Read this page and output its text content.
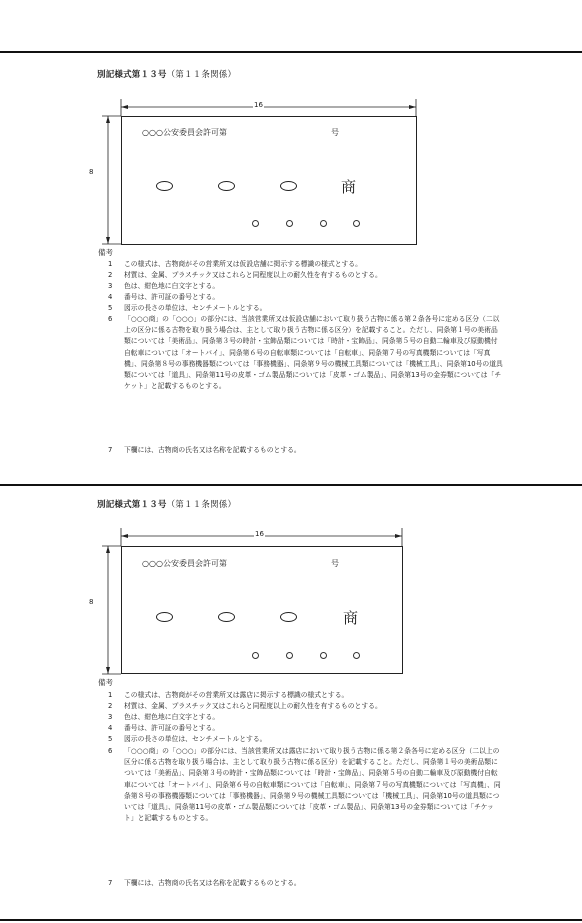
別記様式第１３号（第１１条関係）
16
8
○○○公安委員会許可第	号
商
備考
1 この様式は、古物商がその営業所又は仮設店舗に掲示する標識の様式とする。
2 材質は、金属、プラスチック又はこれらと同程度以上の耐久性を有するものとする。
3 色は、紺色地に白文字とする。
4 番号は、許可証の番号とする。
5 図示の長さの単位は、センチメートルとする。
6	「○○○商」の「○○○」の部分には、当該営業所又は仮設店舗において取り扱う古物に係る第２条各号に定める区分（二以上の区分に係る古物を取り扱う場合は、主として取り扱う古物に係る区分）を記載すること。ただし、同条第１号の美術品類については「美術品」、同条第３号の時計・宝飾品類については「時計・宝飾品」、同条第５号の自動二輪車及び原動機付自転車については「オートバイ」、同条第６号の自転車類については「自転車」、同条第７号の写真機類については「写真機」、同条第８号の事務機器類については「事務機器」、同条第９号の機械工具類については「機械工具」、同条第10号の道具類については「道具」、同条第11号の皮革・ゴム製品類については「皮革・ゴム製品」、同条第13号の金券類については「チケット」と記載するものとする。
7 下欄には、古物商の氏名又は名称を記載するものとする。
別記様式第１３号（第１１条関係）
16
8
○○○公安委員会許可第	号
商
備考
1 この様式は、古物商がその営業所又は露店に掲示する標識の様式とする。
2 材質は、金属、プラスチック又はこれらと同程度以上の耐久性を有するものとする。
3 色は、紺色地に白文字とする。
4 番号は、許可証の番号とする。
5 図示の長さの単位は、センチメートルとする。
6	「○○○商」の「○○○」の部分には、当該営業所又は露店において取り扱う古物に係る第２条各号に定める区分（二以上の区分に係る古物を取り扱う場合は、主として取り扱う古物に係る区分）を記載すること。ただし、同条第１号の美術品類については「美術品」、同条第３号の時計・宝飾品類については「時計・宝飾品」、同条第５号の自動二輪車及び原動機付自転車については「オートバイ」、同条第６号の自転車類については「自転車」、同条第７号の写真機類については「写真機」、同条第８号の事務機器類については「事務機器」、同条第９号の機械工具類については「機械工具」、同条第10号の道具類については「道具」、同条第11号の皮革・ゴム製品類については「皮革・ゴム製品」、同条第13号の金券類については「チケット」と記載するものとする。
7 下欄には、古物商の氏名又は名称を記載するものとする。
